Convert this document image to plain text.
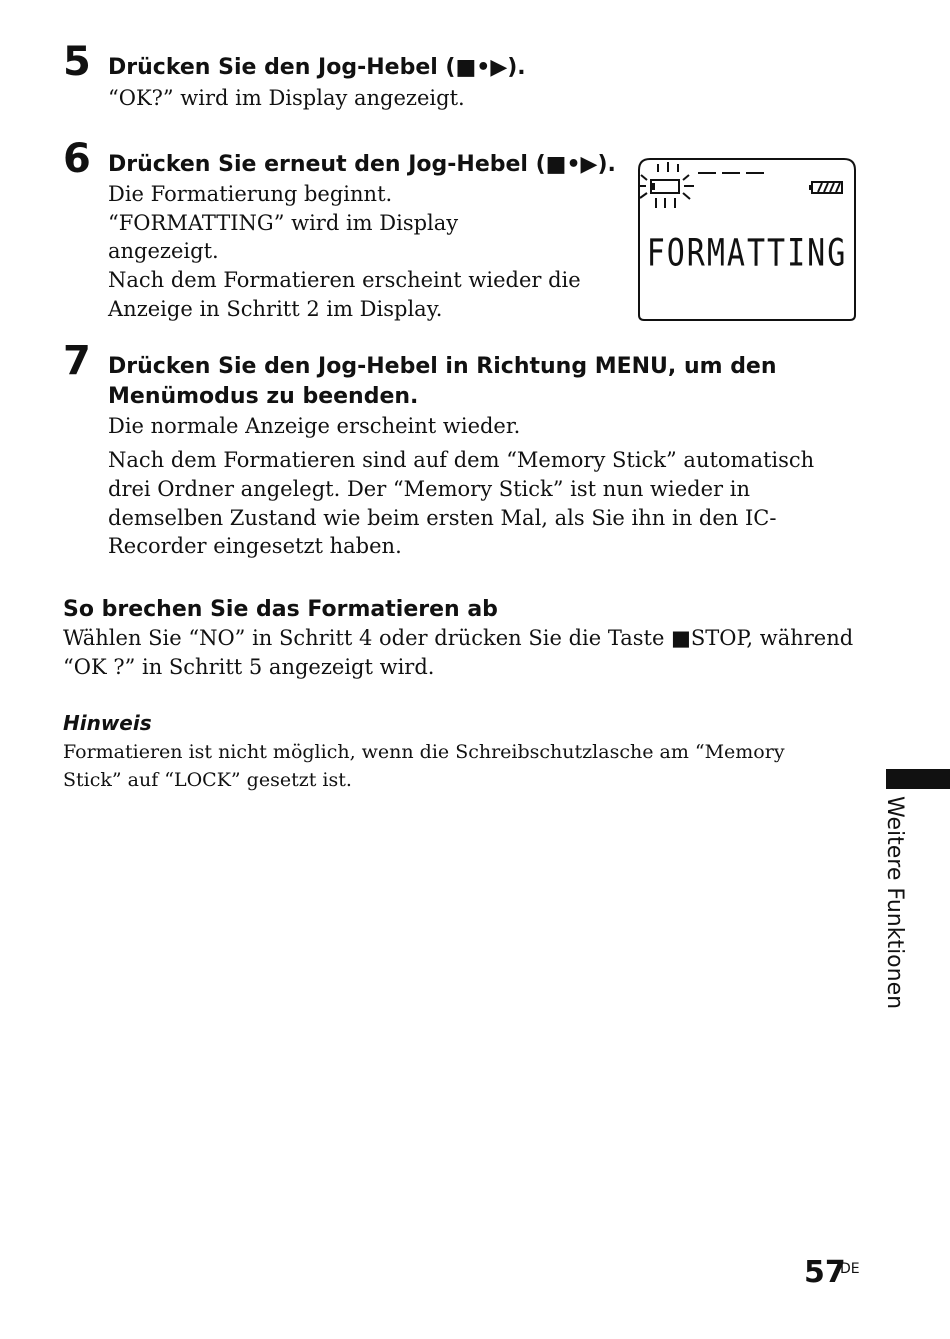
5 Drücken Sie den Jog-Hebel (■•▶).
“OK?” wird im Display angezeigt.
6 Drücken Sie erneut den Jog-Hebel (■•▶).
Die Formatierung beginnt.
“FORMATTING” wird im Display
angezeigt.
Nach dem Formatieren erscheint wieder die
Anzeige in Schritt 2 im Display.
FORMATTING
7 Drücken Sie den Jog-Hebel in Richtung MENU, um den
Menümodus zu beenden.
Die normale Anzeige erscheint wieder.
Nach dem Formatieren sind auf dem “Memory Stick” automatisch
drei Ordner angelegt. Der “Memory Stick” ist nun wieder in
demselben Zustand wie beim ersten Mal, als Sie ihn in den IC-
Recorder eingesetzt haben.
So brechen Sie das Formatieren ab
Wählen Sie “NO” in Schritt 4 oder drücken Sie die Taste ■STOP, während
“OK ?” in Schritt 5 angezeigt wird.
Hinweis
Formatieren ist nicht möglich, wenn die Schreibschutzlasche am “Memory
Stick” auf “LOCK” gesetzt ist.
Weitere Funktionen
57
DE
